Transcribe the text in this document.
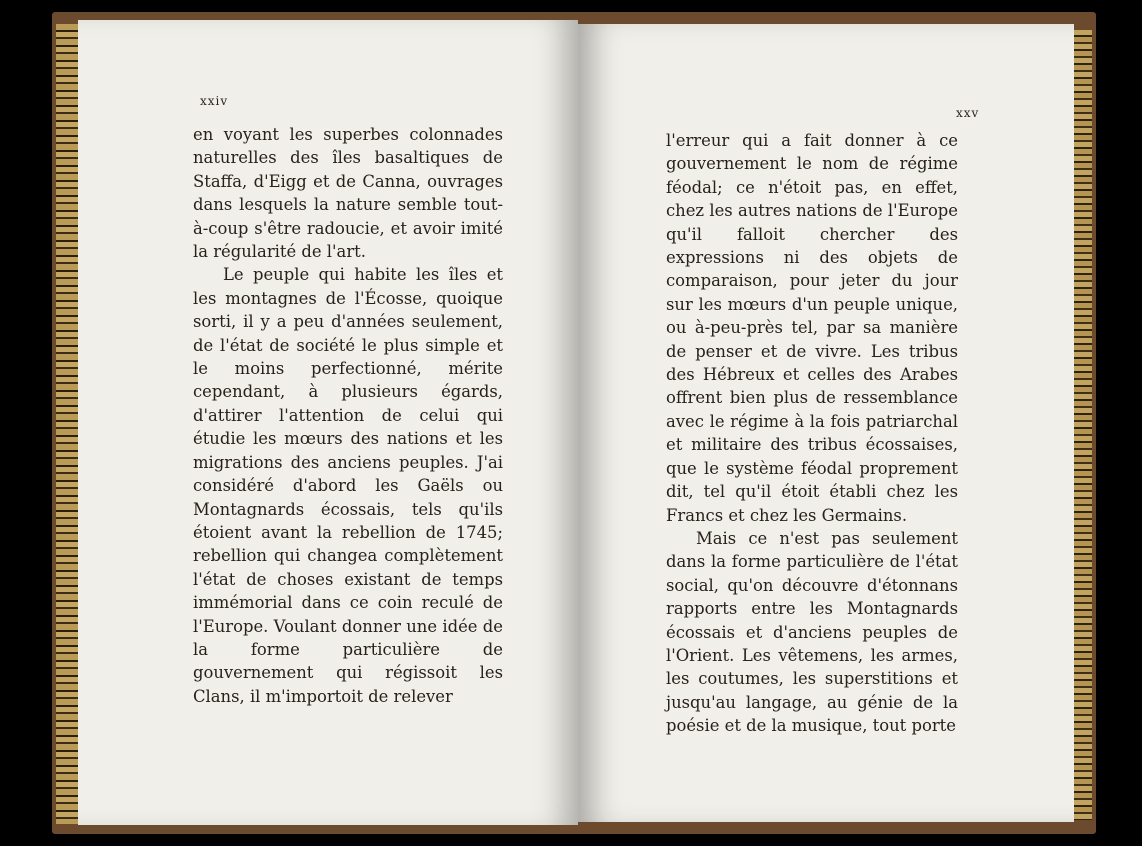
xxiv

en voyant les superbes colonnades naturelles des îles basaltiques de Staffa, d'Eigg et de Canna, ouvrages dans lesquels la nature semble tout-à-coup s'être radoucie, et avoir imité la régularité de l'art.

Le peuple qui habite les îles et les montagnes de l'Écosse, quoique sorti, il y a peu d'années seulement, de l'état de société le plus simple et le moins perfectionné, mérite cependant, à plusieurs égards, d'attirer l'attention de celui qui étudie les mœurs des nations et les migrations des anciens peuples. J'ai considéré d'abord les Gaëls ou Montagnards écossais, tels qu'ils étoient avant la rebellion de 1745; rebellion qui changea complètement l'état de choses existant de temps immémorial dans ce coin reculé de l'Europe. Voulant donner une idée de la forme particulière de gouvernement qui régissoit les Clans, il m'importoit de relever

xxv

l'erreur qui a fait donner à ce gouvernement le nom de régime féodal; ce n'étoit pas, en effet, chez les autres nations de l'Europe qu'il falloit chercher des expressions ni des objets de comparaison, pour jeter du jour sur les mœurs d'un peuple unique, ou à-peu-près tel, par sa manière de penser et de vivre. Les tribus des Hébreux et celles des Arabes offrent bien plus de ressemblance avec le régime à la fois patriarchal et militaire des tribus écossaises, que le système féodal proprement dit, tel qu'il étoit établi chez les Francs et chez les Germains.

Mais ce n'est pas seulement dans la forme particulière de l'état social, qu'on découvre d'étonnans rapports entre les Montagnards écossais et d'anciens peuples de l'Orient. Les vêtemens, les armes, les coutumes, les superstitions et jusqu'au langage, au génie de la poésie et de la musique, tout porte
